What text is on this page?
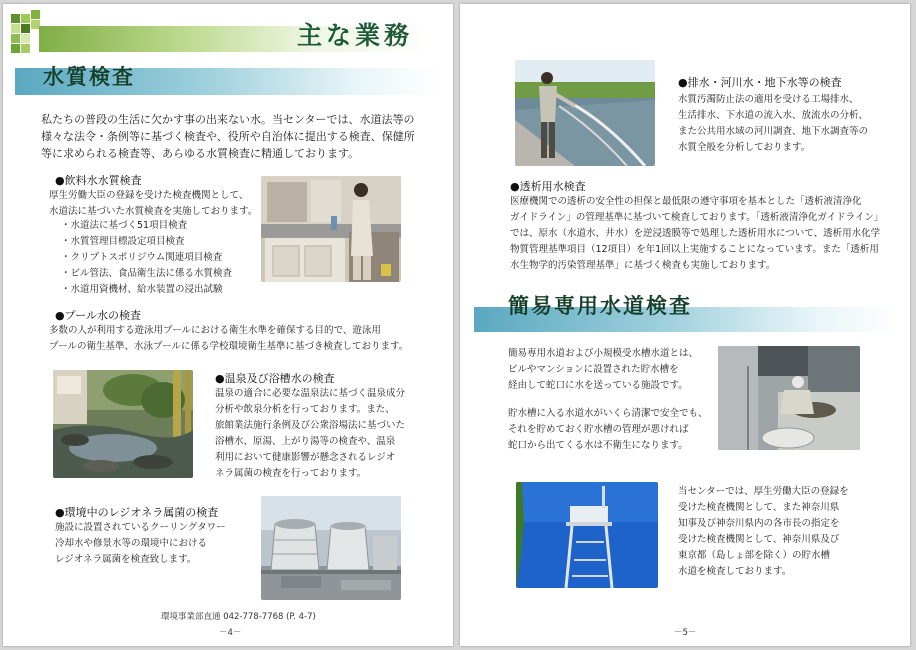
主な業務
水質検査

私たちの普段の生活に欠かす事の出来ない水。当センターでは、水道法等の

様々な法令・条例等に基づく検査や、役所や自治体に提出する検査、保健所

等に求められる検査等、あらゆる水質検査に精通しております。

●飲料水水質検査

厚生労働大臣の登録を受けた検査機関として、

水道法に基づいた水質検査を実施しております。

・水道法に基づく51項目検査

・水質管理目標設定項目検査

・クリプトスポリジウム関連項目検査

・ビル管法、食品衛生法に係る水質検査

・水道用資機材、給水装置の浸出試験

●プール水の検査

多数の人が利用する遊泳用プールにおける衛生水準を確保する目的で、遊泳用

プールの衛生基準、水泳プールに係る学校環境衛生基準に基づき検査しております。

●温泉及び浴槽水の検査

温泉の適合に必要な温泉法に基づく温泉成分

分析や飲泉分析を行っております。また、

旅館業法施行条例及び公衆浴場法に基づいた

浴槽水、原湯、上がり湯等の検査や、温泉

利用において健康影響が懸念されるレジオ

ネラ属菌の検査を行っております。

●環境中のレジオネラ属菌の検査

施設に設置されているクーリングタワー

冷却水や修景水等の環境中における

レジオネラ属菌を検査致します。

環境事業部直通 042-778-7768 (P. 4-7)
－4－
●排水・河川水・地下水等の検査

水質汚濁防止法の適用を受ける工場排水、

生活排水、下水道の流入水、放流水の分析、

また公共用水域の河川調査、地下水調査等の

水質全般を分析しております。

●透析用水検査

医療機関での透析の安全性の担保と最低限の遵守事項を基本とした「透析液清浄化

ガイドライン」の管理基準に基づいて検査しております。「透析液清浄化ガイドライン」

では、原水（水道水、井水）を逆浸透膜等で処理した透析用水について、透析用水化学

物質管理基準項目（12項目）を年1回以上実施することになっています。また「透析用

水生物学的汚染管理基準」に基づく検査も実施しております。

簡易専用水道検査

簡易専用水道および小規模受水槽水道とは、

ビルやマンションに設置された貯水槽を

経由して蛇口に水を送っている施設です。

貯水槽に入る水道水がいくら清潔で安全でも、

それを貯めておく貯水槽の管理が悪ければ

蛇口から出てくる水は不衛生になります。

当センターでは、厚生労働大臣の登録を

受けた検査機関として、また神奈川県

知事及び神奈川県内の各市長の指定を

受けた検査機関として、神奈川県及び

東京都（島しょ部を除く）の貯水槽

水道を検査しております。

－5－
